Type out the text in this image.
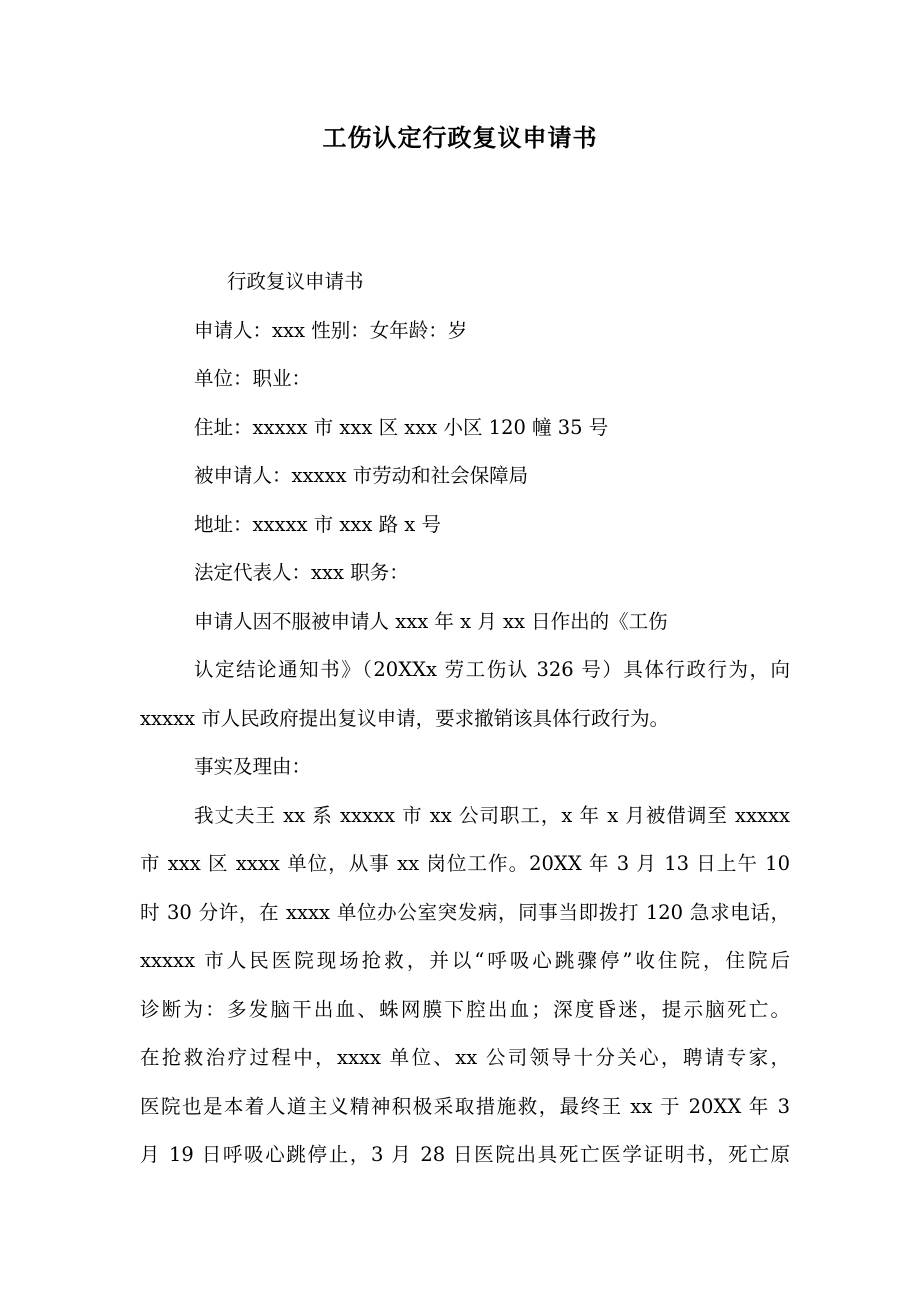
工伤认定行政复议申请书
行政复议申请书
申请人：xxx 性别：女年龄：岁
单位：职业：
住址：xxxxx 市 xxx 区 xxx 小区 120 幢 35 号
被申请人：xxxxx 市劳动和社会保障局
地址：xxxxx 市 xxx 路 x 号
法定代表人：xxx 职务：
申请人因不服被申请人 xxx 年 x 月 xx 日作出的《工伤
认定结论通知书》（20XXx 劳工伤认 326 号）具体行政行为，向
xxxxx 市人民政府提出复议申请，要求撤销该具体行政行为。
事实及理由：
我丈夫王 xx 系 xxxxx 市 xx 公司职工，x 年 x 月被借调至 xxxxx
市 xxx 区 xxxx 单位，从事 xx 岗位工作。20XX 年 3 月 13 日上午 10
时 30 分许，在 xxxx 单位办公室突发病，同事当即拨打 120 急求电话，
xxxxx 市人民医院现场抢救，并以“呼吸心跳骤停”收住院，住院后
诊断为：多发脑干出血、蛛网膜下腔出血；深度昏迷，提示脑死亡。
在抢救治疗过程中，xxxx 单位、xx 公司领导十分关心，聘请专家，
医院也是本着人道主义精神积极采取措施救，最终王 xx 于 20XX 年 3
月 19 日呼吸心跳停止，3 月 28 日医院出具死亡医学证明书，死亡原
